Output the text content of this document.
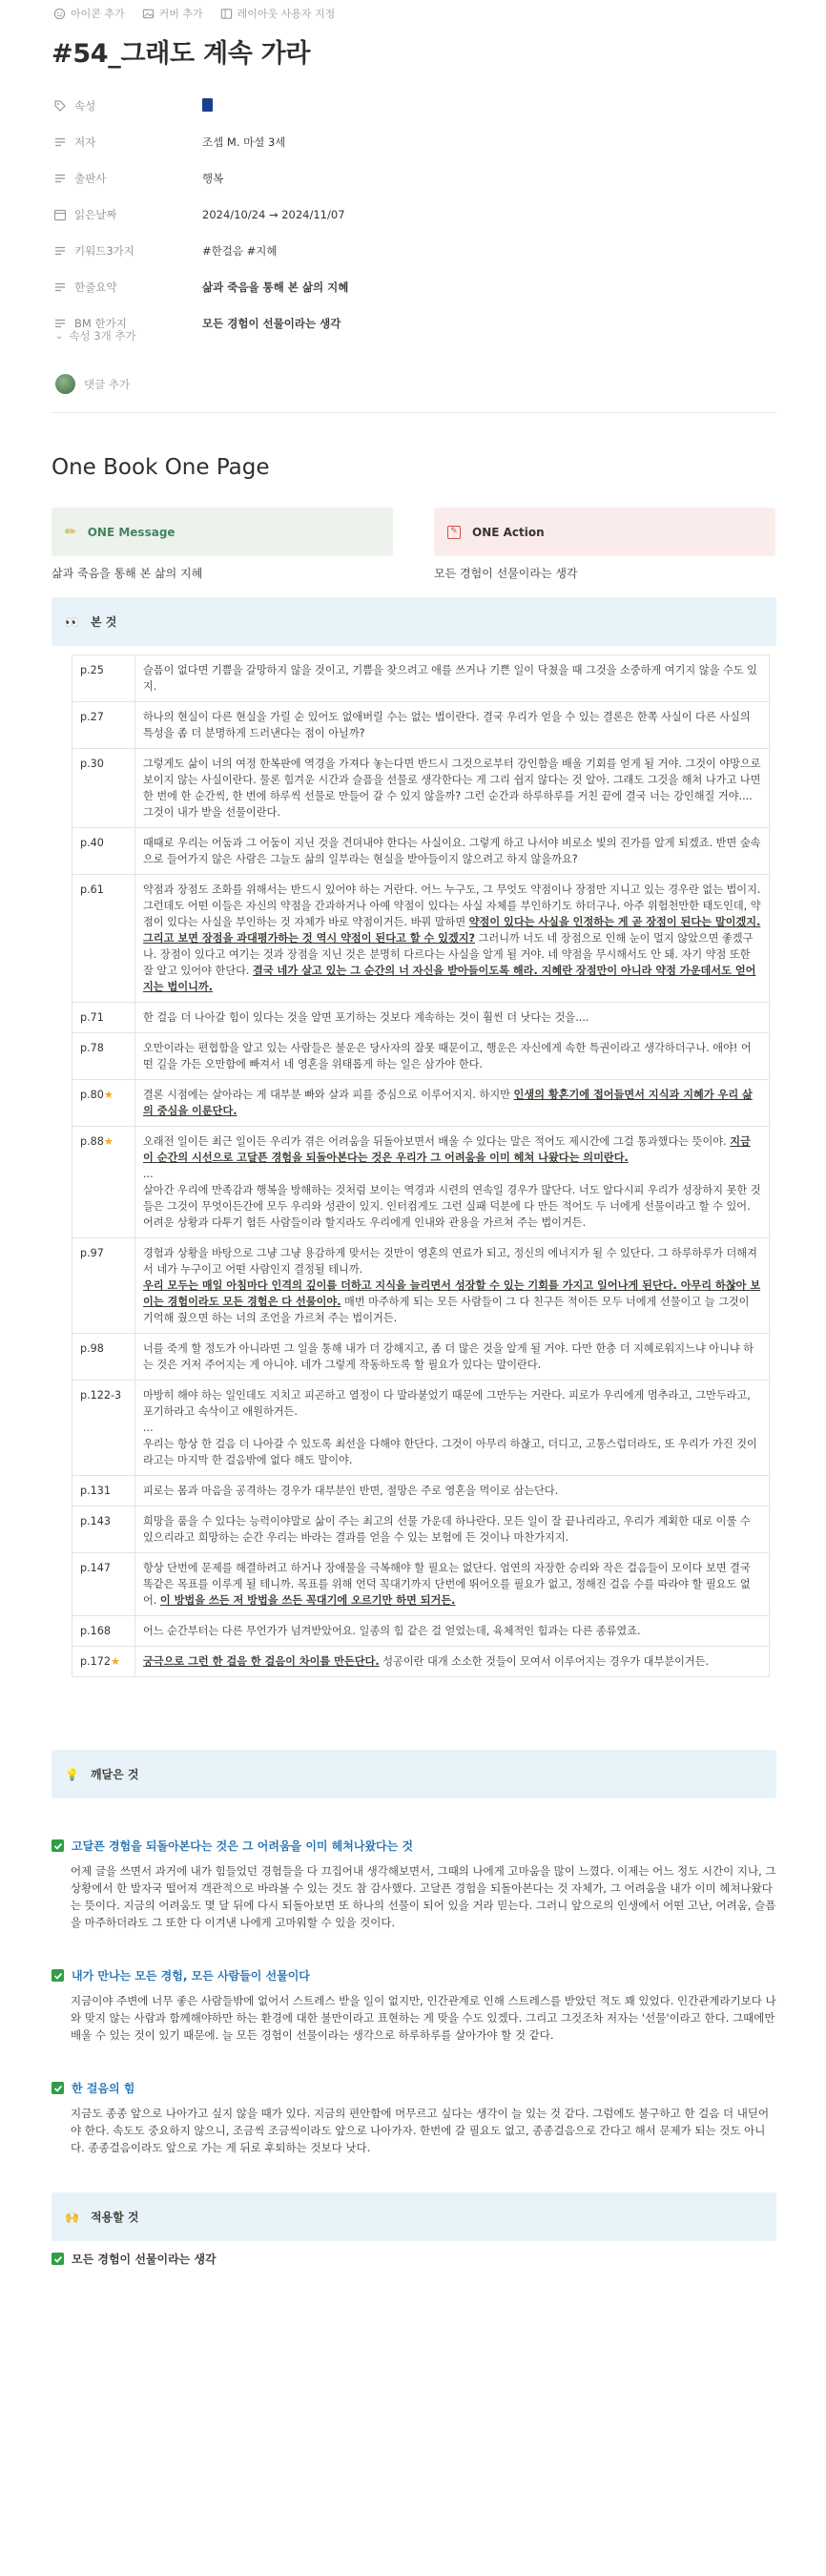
아이콘 추가	커버 추가	레이아웃 사용자 지정
#54_그래도 계속 가라
속성
저자	조셉 M. 마셜 3세
출판사	행복
읽은날짜	2024/10/24 → 2024/11/07
키워드3가지	#한걸음 #지혜
한줄요약	삶과 죽음을 통해 본 삶의 지혜
BM 한가지	모든 경험이 선물이라는 생각
⌄ 속성 3개 추가
댓글 추가
One Book One Page
✏ ONE Message	✎ ONE Action
삶과 죽음을 통해 본 삶의 지혜	모든 경험이 선물이라는 생각
👀 본 것
p.25	슬픔이 없다면 기쁨을 갈망하지 않을 것이고, 기쁨을 찾으려고 애를 쓰거나 기쁜 일이 닥쳤을 때 그것을 소중하게 여기지 않을 수도 있지.
p.27	하나의 현실이 다른 현실을 가릴 순 있어도 없애버릴 수는 없는 법이란다. 결국 우리가 얻을 수 있는 결론은 한쪽 사실이 다른 사실의 특성을 좀 더 분명하게 드러낸다는 점이 아닐까?
p.30	그렇게도 삶이 너의 여정 한복판에 역경을 가져다 놓는다면 반드시 그것으로부터 강인함을 배울 기회를 얻게 될 거야. 그것이 야망으로 보이지 않는 사실이란다. 물론 힘겨운 시간과 슬픔을 선물로 생각한다는 게 그리 쉽지 않다는 것 알아. 그래도 그것을 해쳐 나가고 나면 한 번에 한 순간씩, 한 번에 하루씩 선물로 만들어 갈 수 있지 않을까? 그런 순간과 하루하루를 거친 끝에 결국 너는 강인해질 거야.... 그것이 내가 받을 선물이란다.
p.40	때때로 우리는 어둠과 그 어둠이 지닌 것을 견뎌내야 한다는 사실이요. 그렇게 하고 나서야 비로소 빛의 진가를 알게 되겠죠. 반면 숲속으로 들어가지 않은 사람은 그늘도 삶의 일부라는 현실을 받아들이지 않으려고 하지 않을까요?
p.61	약점과 장점도 조화를 위해서는 반드시 있어야 하는 거란다. 어느 누구도, 그 무엇도 약점이나 장점만 지니고 있는 경우란 없는 법이지. 그런데도 어떤 이들은 자신의 약점을 간과하거나 아예 약점이 있다는 사실 자체를 부인하기도 하더구나. 아주 위험천만한 태도인데, 약점이 있다는 사실을 부인하는 것 자체가 바로 약점이거든. 바꿔 말하면 약점이 있다는 사실을 인정하는 게 곧 장점이 된다는 말이겠지. 그리고 보면 장점을 과대평가하는 것 역시 약점이 된다고 할 수 있겠지? 그러니까 너도 네 장점으로 인해 눈이 멀지 않았으면 좋겠구나. 장점이 있다고 여기는 것과 장점을 지닌 것은 분명히 다르다는 사실을 알게 될 거야. 네 약점을 무시해서도 안 돼. 자기 약점 또한 잘 알고 있어야 한단다. 결국 네가 살고 있는 그 순간의 너 자신을 받아들이도록 해라. 지혜란 장점만이 아니라 약점 가운데서도 얻어지는 법이니까.
p.71	한 걸음 더 나아갈 힘이 있다는 것을 알면 포기하는 것보다 계속하는 것이 훨씬 더 낫다는 것을....
p.78	오만이라는 편협함을 알고 있는 사람들은 불운은 당사자의 잘못 때문이고, 행운은 자신에게 속한 특권이라고 생각하더구나. 애야! 어떤 길을 가든 오만함에 빠져서 네 영혼을 위태롭게 하는 일은 삼가야 한다.
p.80★	결론 시점에는 살아라는 게 대부분 빠와 살과 피를 중심으로 이루어지지. 하지만 인생의 황혼기에 접어들면서 지식과 지혜가 우리 삶의 중심을 이룬단다.
p.88★	오래전 일이든 최근 일이든 우리가 겪은 어려움을 뒤돌아보면서 배울 수 있다는 말은 적어도 제시간에 그걸 통과했다는 뜻이야. 지금 이 순간의 시선으로 고달픈 경험을 되돌아본다는 것은 우리가 그 어려움을 이미 헤쳐 나왔다는 의미란다.
...
살아간 우리에 만족감과 행복을 방해하는 것처럼 보이는 역경과 시련의 연속일 경우가 많단다. 너도 알다시피 우리가 성장하지 못한 것들은 그것이 무엇이든간에 모두 우리와 성관이 있지. 인터컴게도 그런 실패 덕분에 다 만든 적어도 두 너에게 선물이라고 할 수 있어. 어려운 상황과 다투기 험든 사람들이라 할지라도 우리에게 인내와 관용을 가르쳐 주는 법이거든.
p.97	경험과 상황을 바탕으로 그냥 그냥 용감하게 맞서는 것만이 영혼의 연료가 되고, 정신의 에너지가 될 수 있단다. 그 하루하루가 더해져서 네가 누구이고 어떤 사람인지 결정될 테니까.
우리 모두는 매일 아침마다 인격의 깊이를 더하고 지식을 늘리면서 성장할 수 있는 기회를 가지고 일어나게 된단다. 아무리 하찮아 보이는 경험이라도 모든 경험은 다 선물이야. 매번 마주하게 되는 모든 사람들이 그 다 친구든 적이든 모두 너에게 선물이고 늘 그것이 기억해 줬으면 하는 너의 조언을 가르쳐 주는 법이거든.
p.98	너를 죽게 할 정도가 아니라면 그 일을 통해 내가 더 강해지고, 좀 더 많은 것을 알게 될 거야. 다만 한층 더 지혜로워지느냐 아니냐 하는 것은 거저 주어지는 게 아니야. 네가 그렇게 작동하도록 할 필요가 있다는 말이란다.
p.122-3	마방히 해야 하는 일인데도 지치고 피곤하고 열정이 다 말라붙었기 때문에 그만두는 거란다. 피로가 우리에게 멈추라고, 그만두라고, 포기하라고 속삭이고 애원하거든.
...
우리는 항상 한 걸음 더 나아갈 수 있도록 최선을 다해야 한단다. 그것이 아무리 하찮고, 더디고, 고통스럽더라도, 또 우리가 가진 것이라고는 마지막 한 걸음밖에 없다 해도 말이야.
p.131	피로는 몸과 마음을 공격하는 경우가 대부분인 반면, 절망은 주로 영혼을 먹이로 삼는단다.
p.143	희망을 품을 수 있다는 능력이야말로 삶이 주는 최고의 선물 가운데 하나란다. 모든 일이 잘 끝나리라고, 우리가 계획한 대로 이룰 수 있으리라고 희망하는 순간 우리는 바라는 결과를 얻을 수 있는 보험에 든 것이나 마찬가지지.
p.147	항상 단번에 문제를 해결하려고 하거나 장애물을 극복해야 할 필요는 없단다. 엄연의 자장한 승리와 작은 걸음들이 모이다 보면 결국 똑같은 목표를 이루게 될 테니까. 목표를 위해 언덕 꼭대기까지 단번에 뛰어오를 필요가 없고, 정해진 걸음 수를 따라야 할 필요도 없어. 이 방법을 쓰든 저 방법을 쓰든 꼭대기에 오르기만 하면 되거든.
p.168	어느 순간부터는 다른 무언가가 넘겨받았어요. 일종의 힘 같은 걸 얻었는데, 육체적인 힘과는 다른 종류였죠.
p.172★	궁극으로 그런 한 걸음 한 걸음이 차이를 만든단다. 성공이란 대개 소소한 것들이 모여서 이루어지는 경우가 대부분이거든.
💡 깨달은 것
고달픈 경험을 되돌아본다는 것은 그 어려움을 이미 헤쳐나왔다는 것
어제 글을 쓰면서 과거에 내가 힘들었던 경험들을 다 끄집어내 생각해보면서, 그때의 나에게 고마움을 많이 느꼈다. 이제는 어느 정도 시간이 지나, 그 상황에서 한 발자국 떨어져 객관적으로 바라볼 수 있는 것도 참 감사했다. 고달픈 경험을 되돌아본다는 것 자체가, 그 어려움을 내가 이미 헤쳐나왔다는 뜻이다. 지금의 어려움도 몇 달 뒤에 다시 되돌아보면 또 하나의 선물이 되어 있을 거라 믿는다. 그러니 앞으로의 인생에서 어떤 고난, 어려움, 슬픔을 마주하더라도 그 또한 다 이겨낸 나에게 고마워할 수 있을 것이다.
내가 만나는 모든 경험, 모든 사람들이 선물이다
지금이야 주변에 너무 좋은 사람들밖에 없어서 스트레스 받을 일이 없지만, 인간관계로 인해 스트레스를 받았던 적도 꽤 있었다. 인간관계라기보다 나와 맞지 않는 사람과 함께해야하만 하는 환경에 대한 불만이라고 표현하는 게 맞을 수도 있겠다. 그리고 그것조차 저자는 '선물'이라고 한다. 그때에만 배울 수 있는 것이 있기 때문에. 늘 모든 경험이 선물이라는 생각으로 하루하루를 살아가야 할 것 같다.
한 걸음의 힘
지금도 종종 앞으로 나아가고 싶지 않을 때가 있다. 지금의 편안함에 머무르고 싶다는 생각이 늘 있는 것 같다. 그럼에도 불구하고 한 걸음 더 내딛어야 한다. 속도도 중요하지 않으니, 조금씩 조금씩이라도 앞으로 나아가자. 한번에 갈 필요도 없고, 종종걸음으로 간다고 해서 문제가 되는 것도 아니다. 종종걸음이라도 앞으로 가는 게 뒤로 후퇴하는 것보다 낫다.
🙌 적용할 것
모든 경험이 선물이라는 생각
